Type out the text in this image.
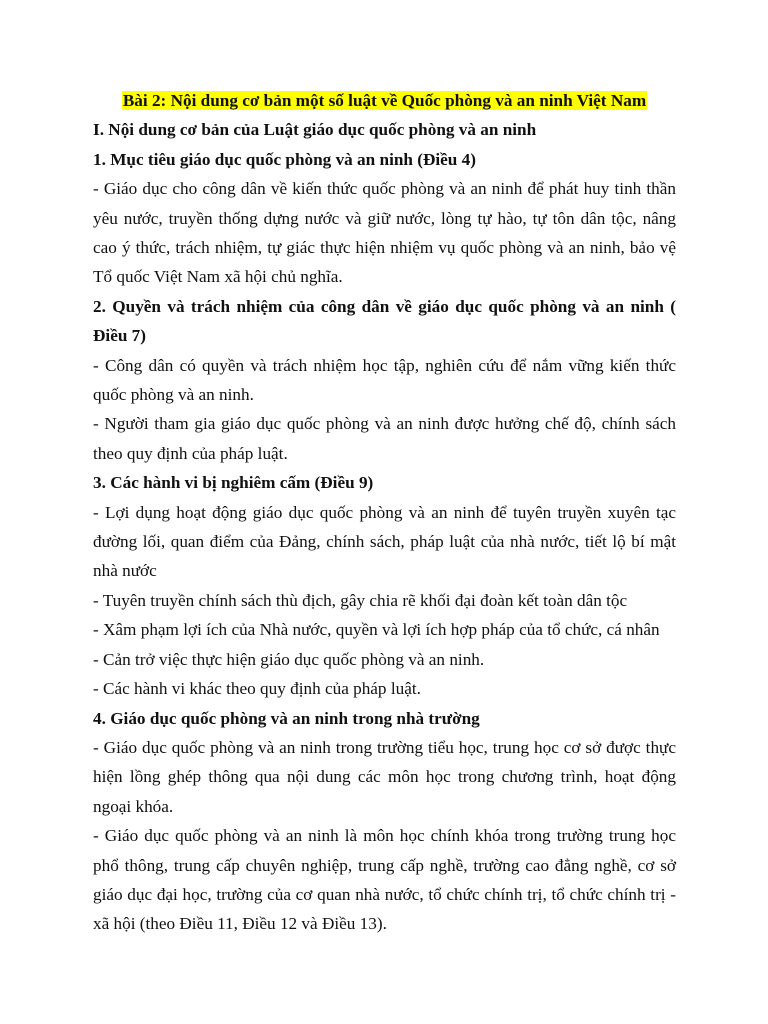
Bài 2: Nội dung cơ bản một số luật về Quốc phòng và an ninh Việt Nam

I. Nội dung cơ bản của Luật giáo dục quốc phòng và an ninh

1. Mục tiêu giáo dục quốc phòng và an ninh (Điều 4)

- Giáo dục cho công dân về kiến thức quốc phòng và an ninh để phát huy tinh thần yêu nước, truyền thống dựng nước và giữ nước, lòng tự hào, tự tôn dân tộc, nâng cao ý thức, trách nhiệm, tự giác thực hiện nhiệm vụ quốc phòng và an ninh, bảo vệ Tổ quốc Việt Nam xã hội chủ nghĩa.

2. Quyền và trách nhiệm của công dân về giáo dục quốc phòng và an ninh ( Điều 7)

- Công dân có quyền và trách nhiệm học tập, nghiên cứu để nắm vững kiến thức quốc phòng và an ninh.

- Người tham gia giáo dục quốc phòng và an ninh được hưởng chế độ, chính sách theo quy định của pháp luật.

3. Các hành vi bị nghiêm cấm (Điều 9)

- Lợi dụng hoạt động giáo dục quốc phòng và an ninh để tuyên truyền xuyên tạc đường lối, quan điểm của Đảng, chính sách, pháp luật của nhà nước, tiết lộ bí mật nhà nước

- Tuyên truyền chính sách thù địch, gây chia rẽ khối đại đoàn kết toàn dân tộc

- Xâm phạm lợi ích của Nhà nước, quyền và lợi ích hợp pháp của tổ chức, cá nhân

- Cản trở việc thực hiện giáo dục quốc phòng và an ninh.

- Các hành vi khác theo quy định của pháp luật.

4. Giáo dục quốc phòng và an ninh trong nhà trường

- Giáo dục quốc phòng và an ninh trong trường tiểu học, trung học cơ sở được thực hiện lồng ghép thông qua nội dung các môn học trong chương trình, hoạt động ngoại khóa.

- Giáo dục quốc phòng và an ninh là môn học chính khóa trong trường trung học phổ thông, trung cấp chuyên nghiệp, trung cấp nghề, trường cao đẳng nghề, cơ sở giáo dục đại học, trường của cơ quan nhà nước, tổ chức chính trị, tổ chức chính trị - xã hội (theo Điều 11, Điều 12 và Điều 13).
